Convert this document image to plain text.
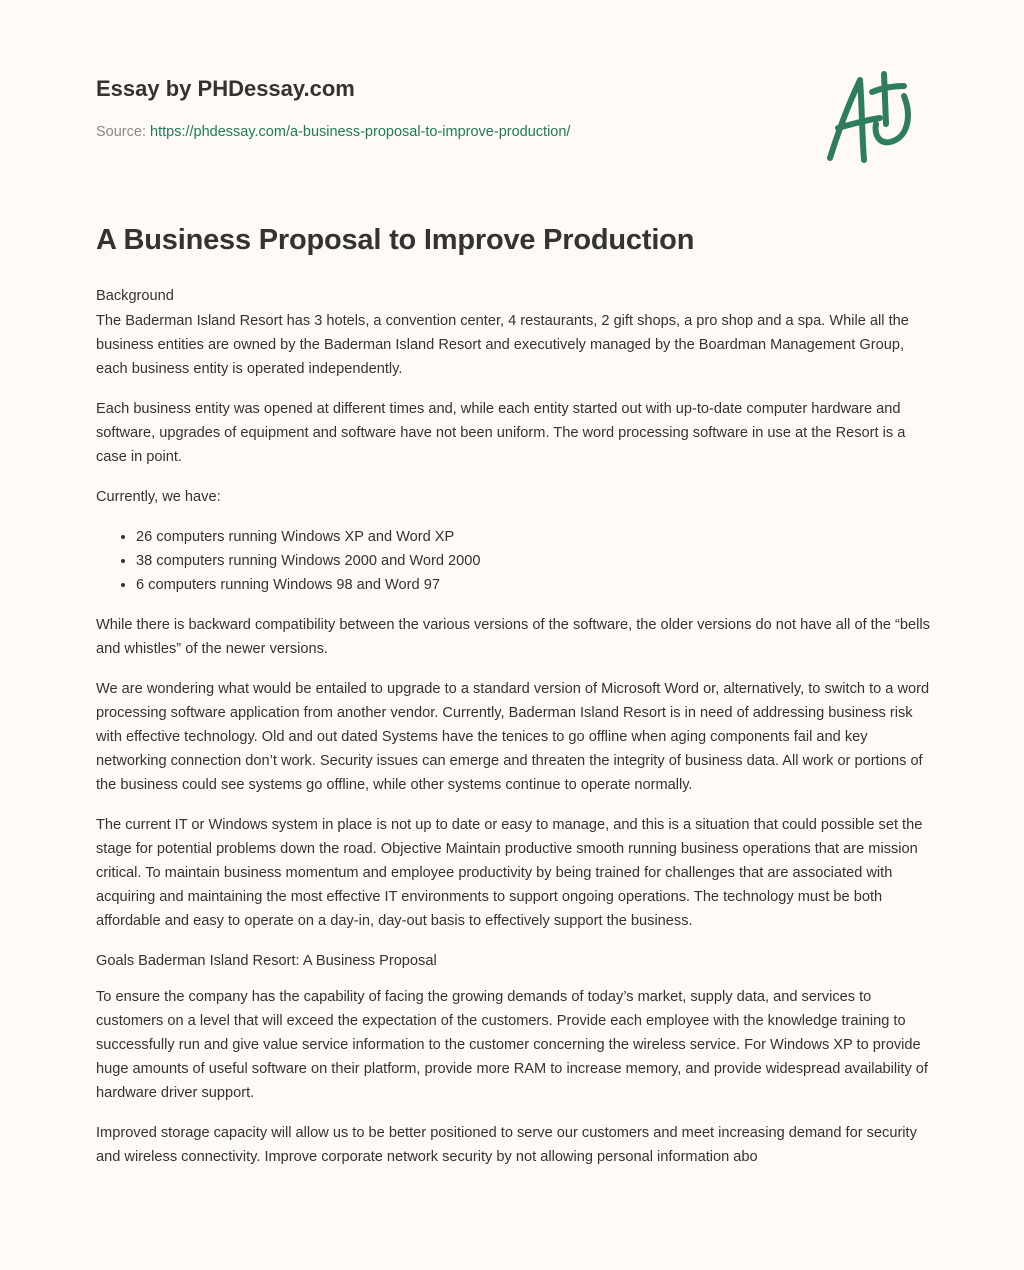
Essay by PHDessay.com
Source: https://phdessay.com/a-business-proposal-to-improve-production/
A Business Proposal to Improve Production

Background

The Baderman Island Resort has 3 hotels, a convention center, 4 restaurants, 2 gift shops, a pro shop and a spa. While all the business entities are owned by the Baderman Island Resort and executively managed by the Boardman Management Group, each business entity is operated independently.

Each business entity was opened at different times and, while each entity started out with up-to-date computer hardware and software, upgrades of equipment and software have not been uniform. The word processing software in use at the Resort is a case in point.

Currently, we have:

• 26 computers running Windows XP and Word XP
• 38 computers running Windows 2000 and Word 2000
• 6 computers running Windows 98 and Word 97

While there is backward compatibility between the various versions of the software, the older versions do not have all of the “bells and whistles” of the newer versions.

We are wondering what would be entailed to upgrade to a standard version of Microsoft Word or, alternatively, to switch to a word processing software application from another vendor. Currently, Baderman Island Resort is in need of addressing business risk with effective technology. Old and out dated Systems have the tenices to go offline when aging components fail and key networking connection don’t work. Security issues can emerge and threaten the integrity of business data. All work or portions of the business could see systems go offline, while other systems continue to operate normally.

The current IT or Windows system in place is not up to date or easy to manage, and this is a situation that could possible set the stage for potential problems down the road. Objective Maintain productive smooth running business operations that are mission critical. To maintain business momentum and employee productivity by being trained for challenges that are associated with acquiring and maintaining the most effective IT environments to support ongoing operations. The technology must be both affordable and easy to operate on a day-in, day-out basis to effectively support the business.

Goals Baderman Island Resort: A Business Proposal

To ensure the company has the capability of facing the growing demands of today’s market, supply data, and services to customers on a level that will exceed the expectation of the customers. Provide each employee with the knowledge training to successfully run and give value service information to the customer concerning the wireless service. For Windows XP to provide huge amounts of useful software on their platform, provide more RAM to increase memory, and provide widespread availability of hardware driver support.

Improved storage capacity will allow us to be better positioned to serve our customers and meet increasing demand for security and wireless connectivity. Improve corporate network security by not allowing personal information abo
